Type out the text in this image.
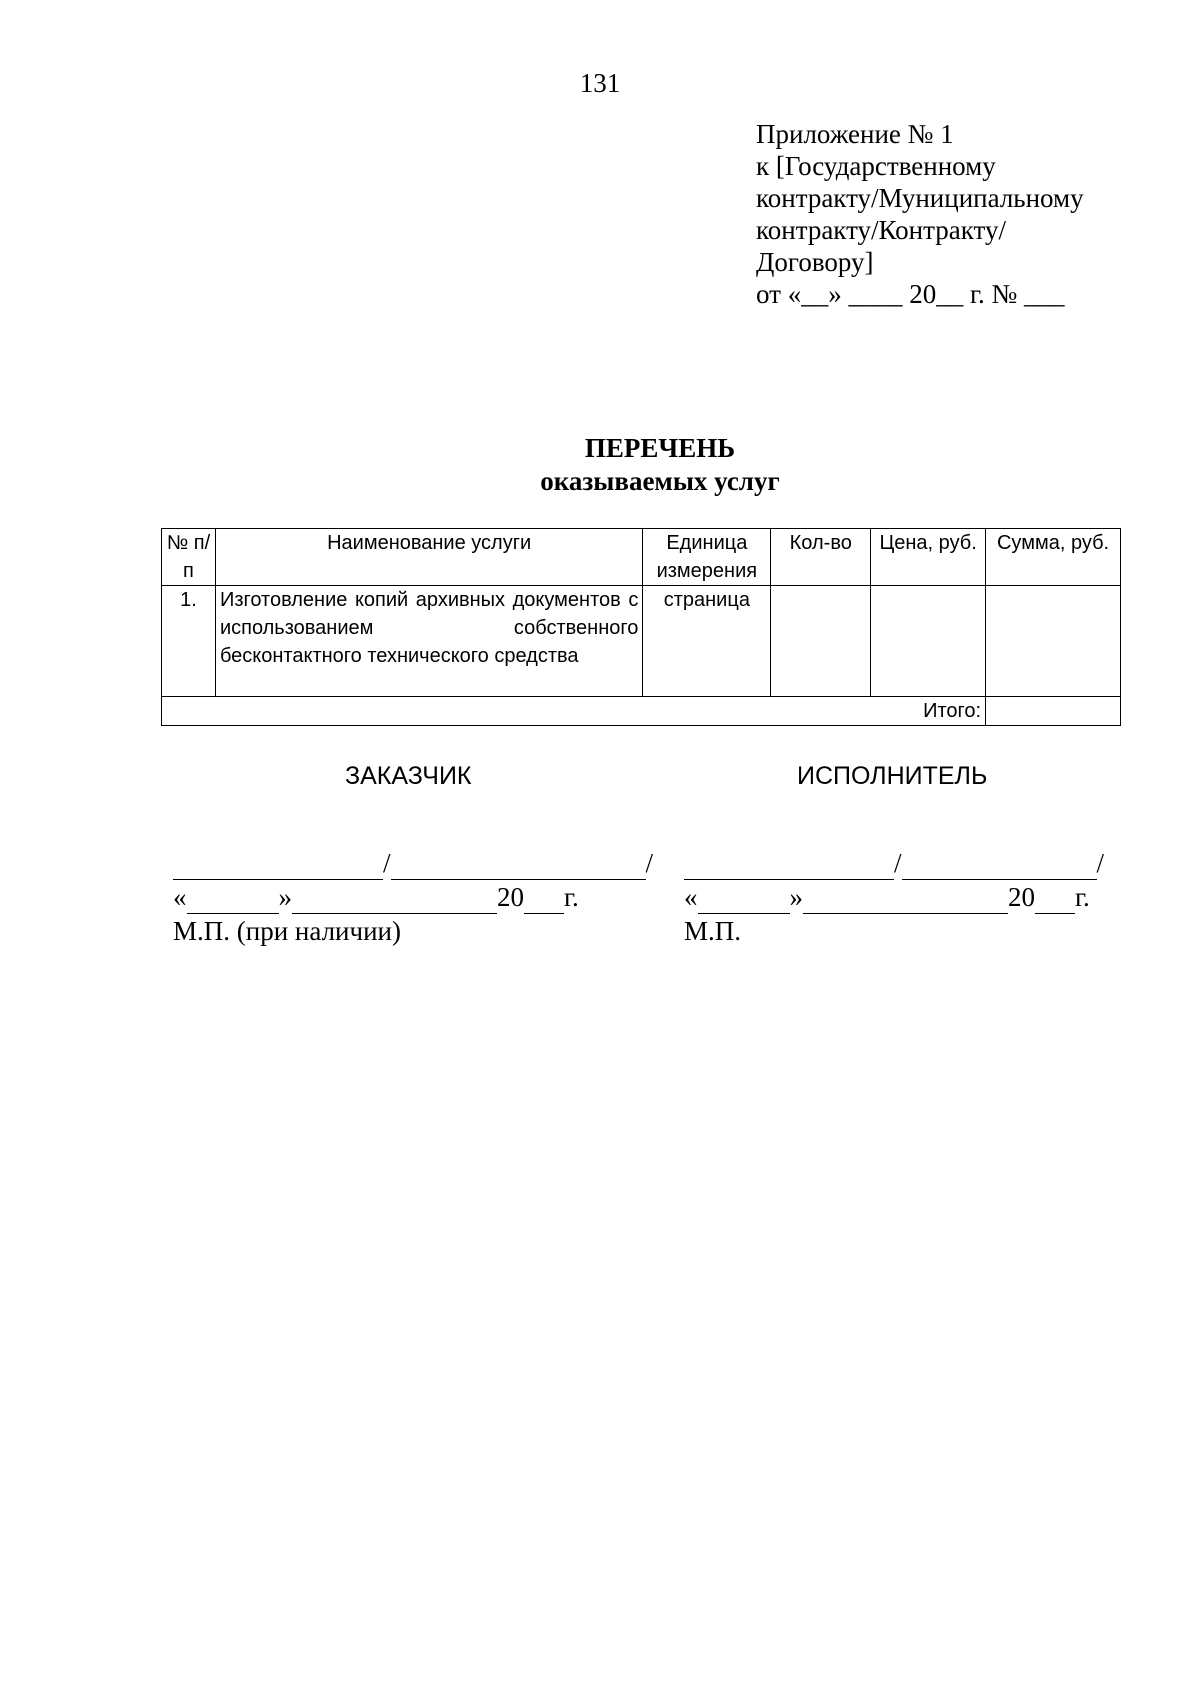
131
Приложение № 1
к [Государственному
контракту/Муниципальному
контракту/Контракту/
Договору]
от «__» ____ 20__ г. № ___
ПЕРЕЧЕНЬ
оказываемых услуг
№ п/п	Наименование услуги	Единица измерения	Кол-во	Цена, руб.	Сумма, руб.
1.	Изготовление копий архивных документов с использованием собственного бесконтактного технического средства	страница			
Итого:					
ЗАКАЗЧИК	ИСПОЛНИТЕЛЬ
/	/
«	»	20 г.
М.П. (при наличии)
/	/
«	»	20 г.
М.П.
